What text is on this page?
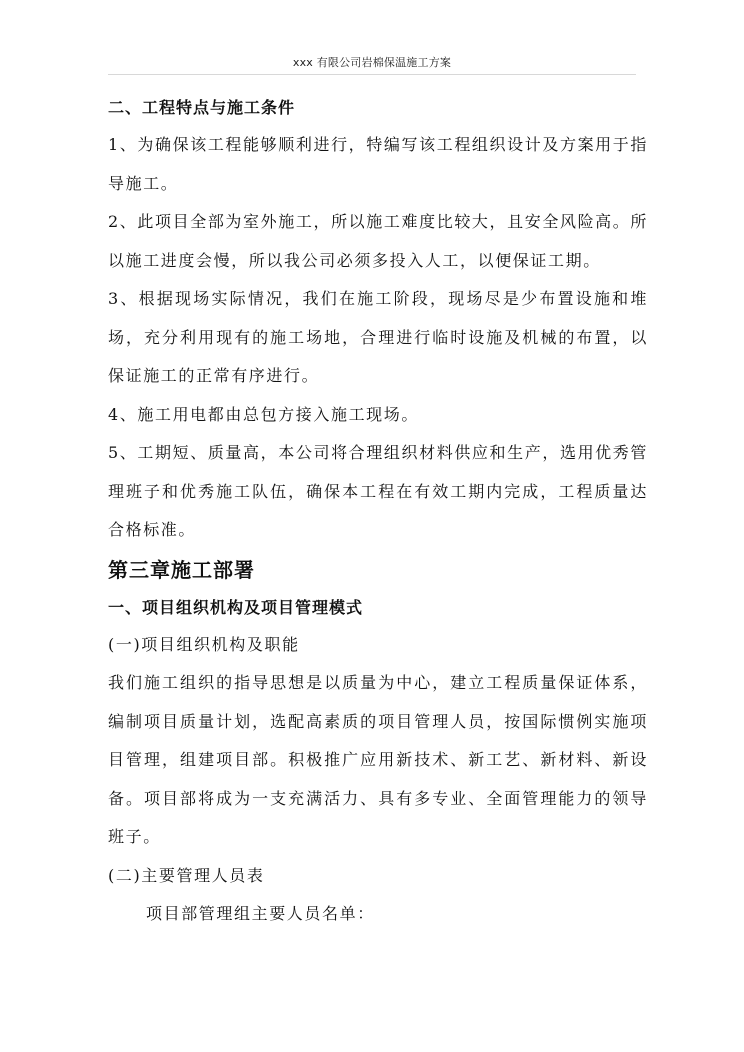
xxx 有限公司岩棉保温施工方案

二、工程特点与施工条件

1、为确保该工程能够顺利进行，特编写该工程组织设计及方案用于指导施工。

2、此项目全部为室外施工，所以施工难度比较大，且安全风险高。所以施工进度会慢，所以我公司必须多投入人工，以便保证工期。

3、根据现场实际情况，我们在施工阶段，现场尽是少布置设施和堆场，充分利用现有的施工场地，合理进行临时设施及机械的布置，以保证施工的正常有序进行。

4、施工用电都由总包方接入施工现场。

5、工期短、质量高，本公司将合理组织材料供应和生产，选用优秀管理班子和优秀施工队伍，确保本工程在有效工期内完成，工程质量达合格标准。

第三章施工部署

一、项目组织机构及项目管理模式

(一)项目组织机构及职能

我们施工组织的指导思想是以质量为中心，建立工程质量保证体系，编制项目质量计划，选配高素质的项目管理人员，按国际惯例实施项目管理，组建项目部。积极推广应用新技术、新工艺、新材料、新设备。项目部将成为一支充满活力、具有多专业、全面管理能力的领导班子。

(二)主要管理人员表

项目部管理组主要人员名单：
